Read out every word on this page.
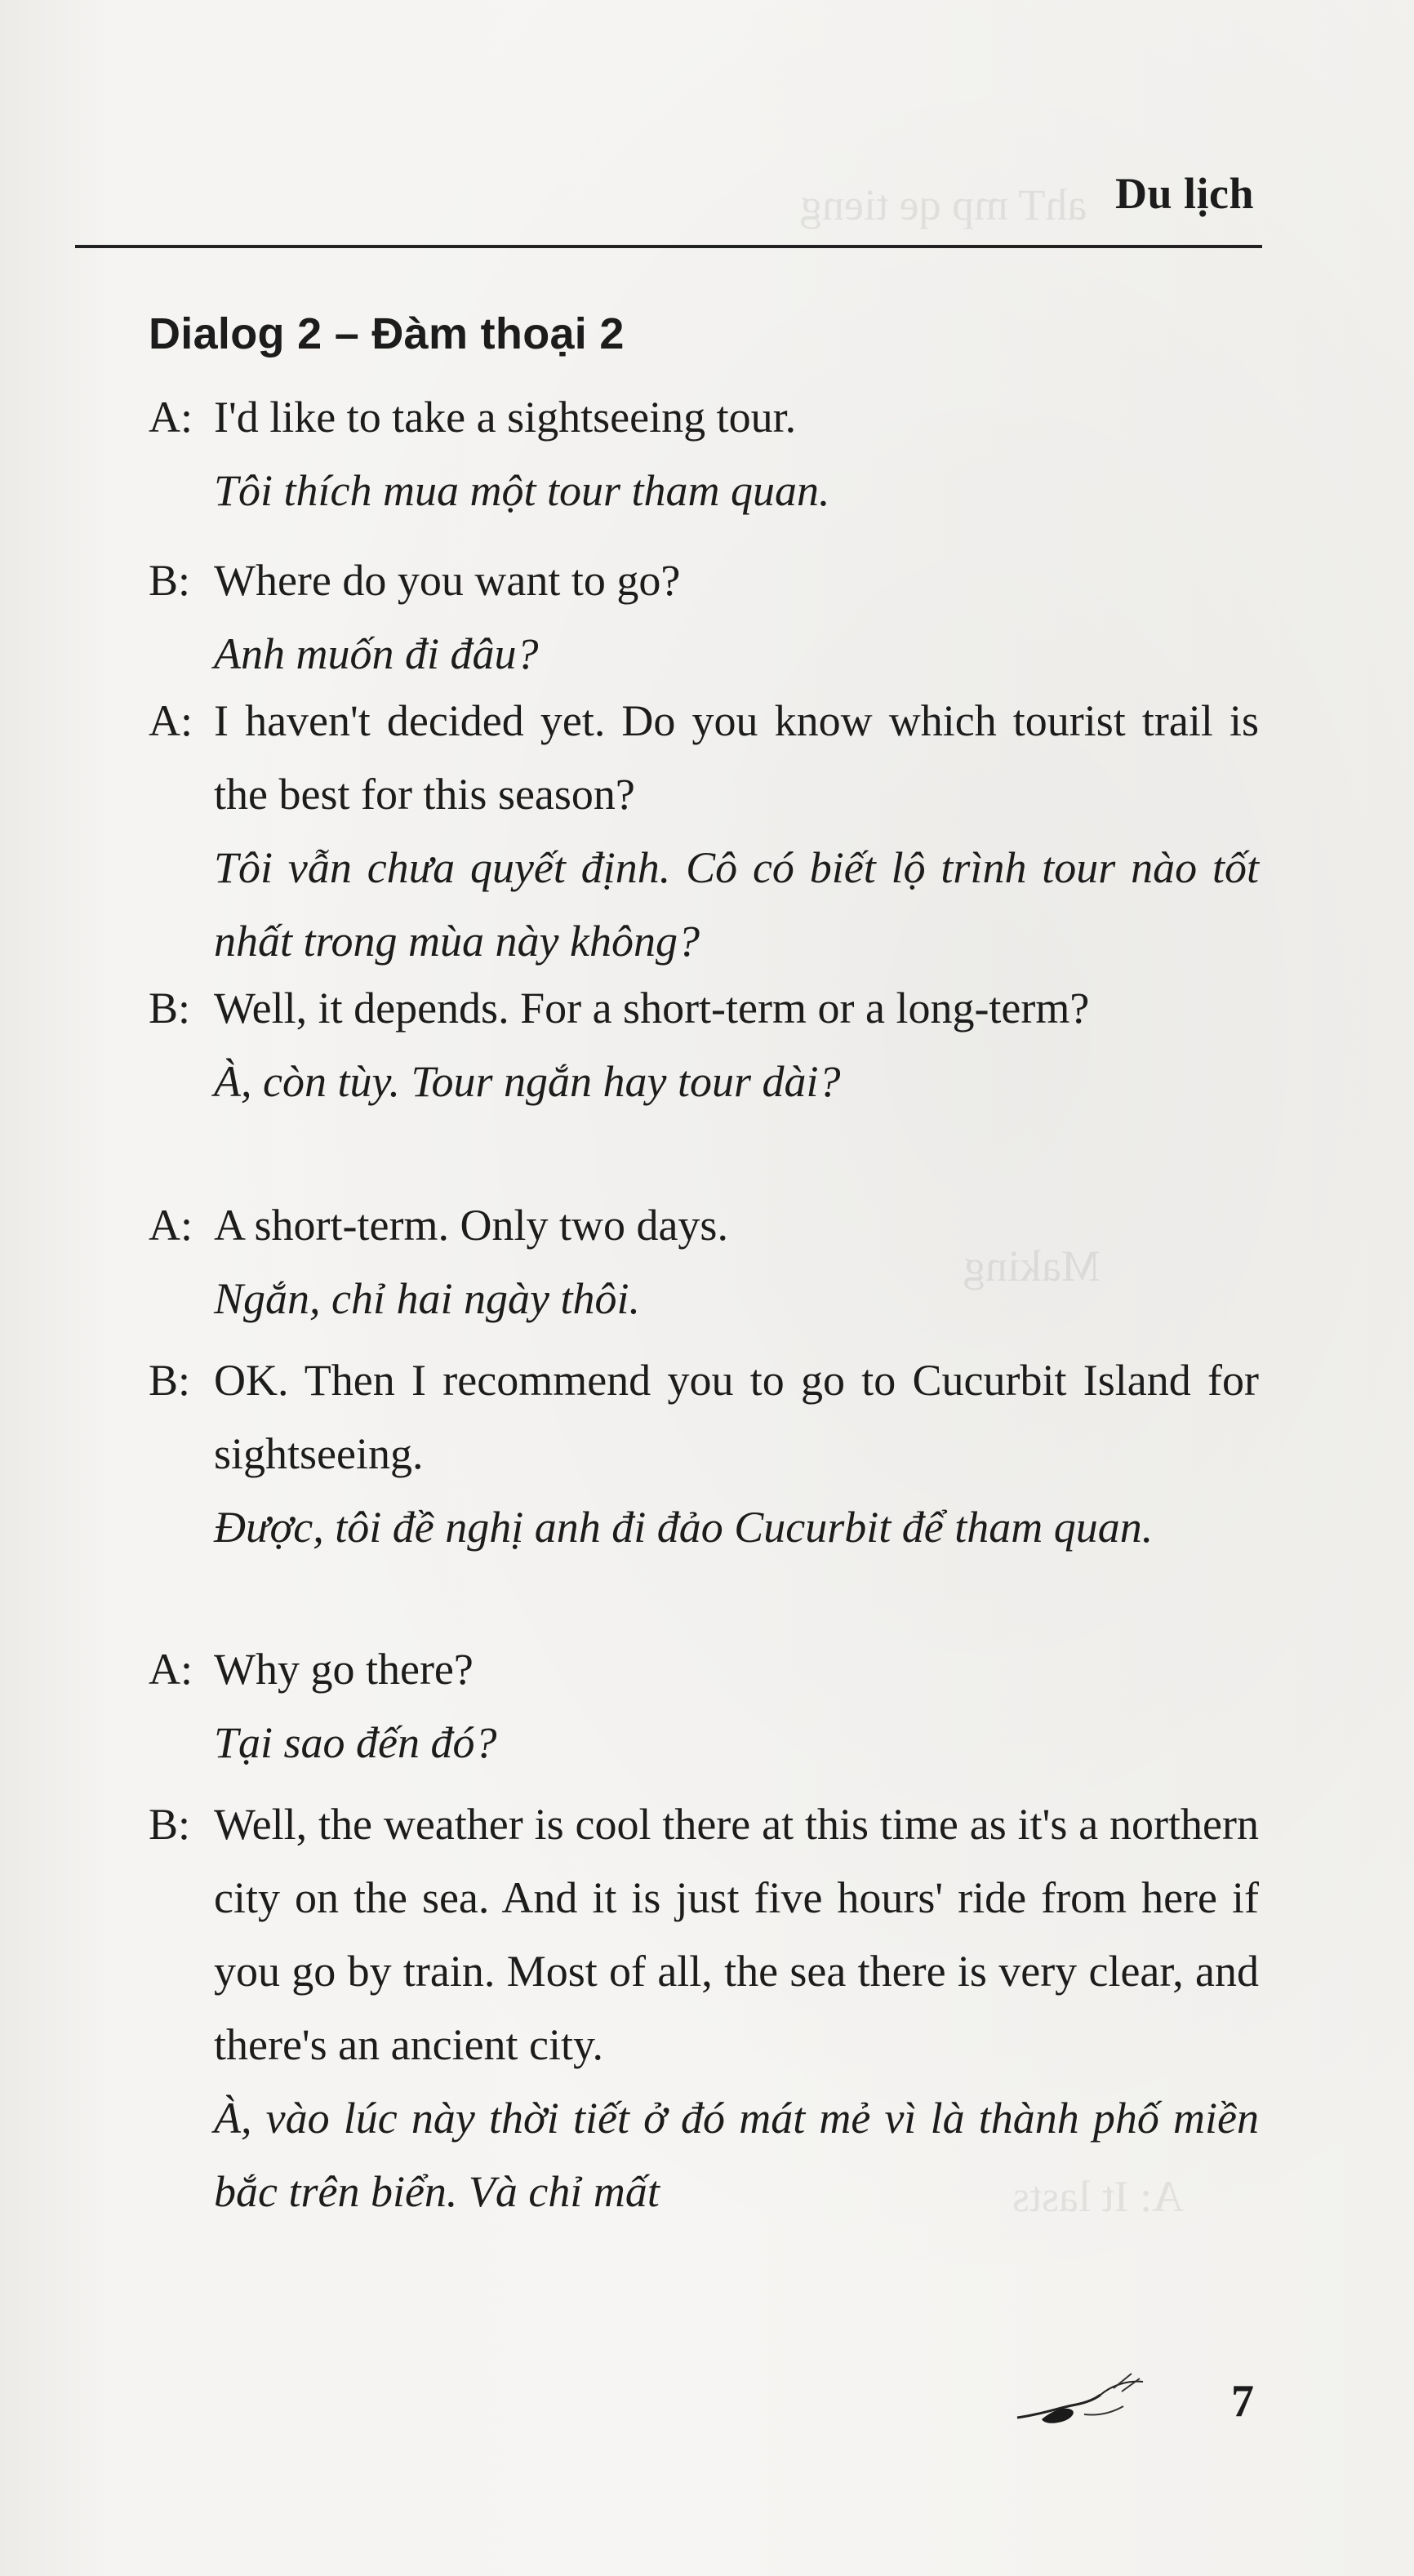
ahT mp qe tieng
Making
A: It lasts
Du lịch
Dialog 2 – Đàm thoại 2
A: I'd like to take a sightseeing tour.
Tôi thích mua một tour tham quan.
B: Where do you want to go?
Anh muốn đi đâu?
A: I haven't decided yet. Do you know which tourist trail is the best for this season?
Tôi vẫn chưa quyết định. Cô có biết lộ trình tour nào tốt nhất trong mùa này không?
B: Well, it depends. For a short-term or a long-term?
À, còn tùy. Tour ngắn hay tour dài?
A: A short-term. Only two days.
Ngắn, chỉ hai ngày thôi.
B: OK. Then I recommend you to go to Cucurbit Island for sightseeing.
Được, tôi đề nghị anh đi đảo Cucurbit để tham quan.
A: Why go there?
Tại sao đến đó?
B: Well, the weather is cool there at this time as it's a northern city on the sea. And it is just five hours' ride from here if you go by train. Most of all, the sea there is very clear, and there's an ancient city.
À, vào lúc này thời tiết ở đó mát mẻ vì là thành phố miền bắc trên biển. Và chỉ mất
7
